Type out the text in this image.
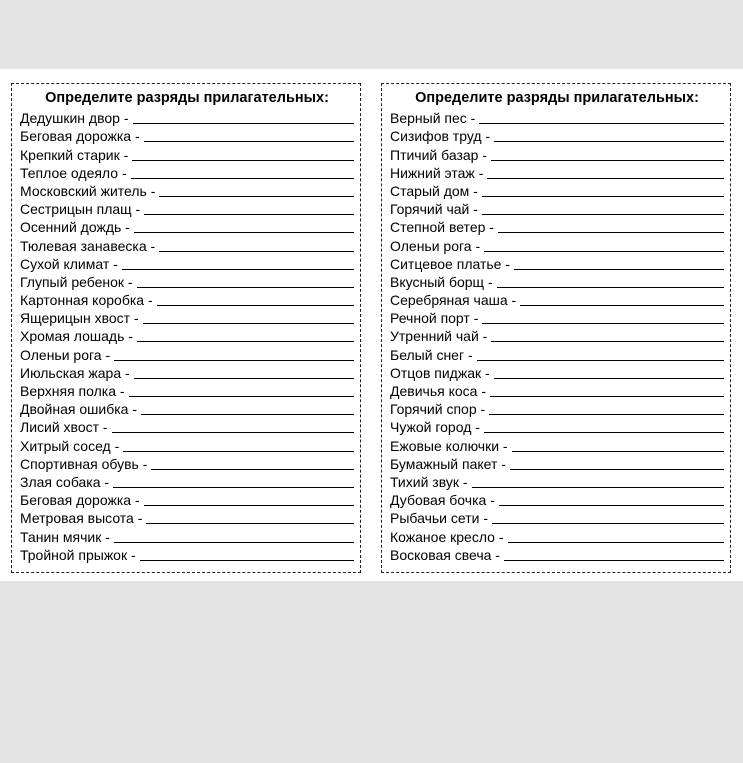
Определите разряды прилагательных:
Дедушкин двор -
Беговая дорожка -
Крепкий старик -
Теплое одеяло -
Московский житель -
Сестрицын плащ -
Осенний дождь -
Тюлевая занавеска -
Сухой климат -
Глупый ребенок -
Картонная коробка -
Ящерицын хвост -
Хромая лошадь -
Оленьи рога -
Июльская жара -
Верхняя полка -
Двойная ошибка -
Лисий хвост -
Хитрый сосед -
Спортивная обувь -
Злая собака -
Беговая дорожка -
Метровая высота -
Танин мячик -
Тройной прыжок -
Определите разряды прилагательных:
Верный пес -
Сизифов труд -
Птичий базар -
Нижний этаж -
Старый дом -
Горячий чай -
Степной ветер -
Оленьи рога -
Ситцевое платье -
Вкусный борщ -
Серебряная чаша -
Речной порт -
Утренний чай -
Белый снег -
Отцов пиджак -
Девичья коса -
Горячий спор -
Чужой город -
Ежовые колючки -
Бумажный пакет -
Тихий звук -
Дубовая бочка -
Рыбачьи сети -
Кожаное кресло -
Восковая свеча -
